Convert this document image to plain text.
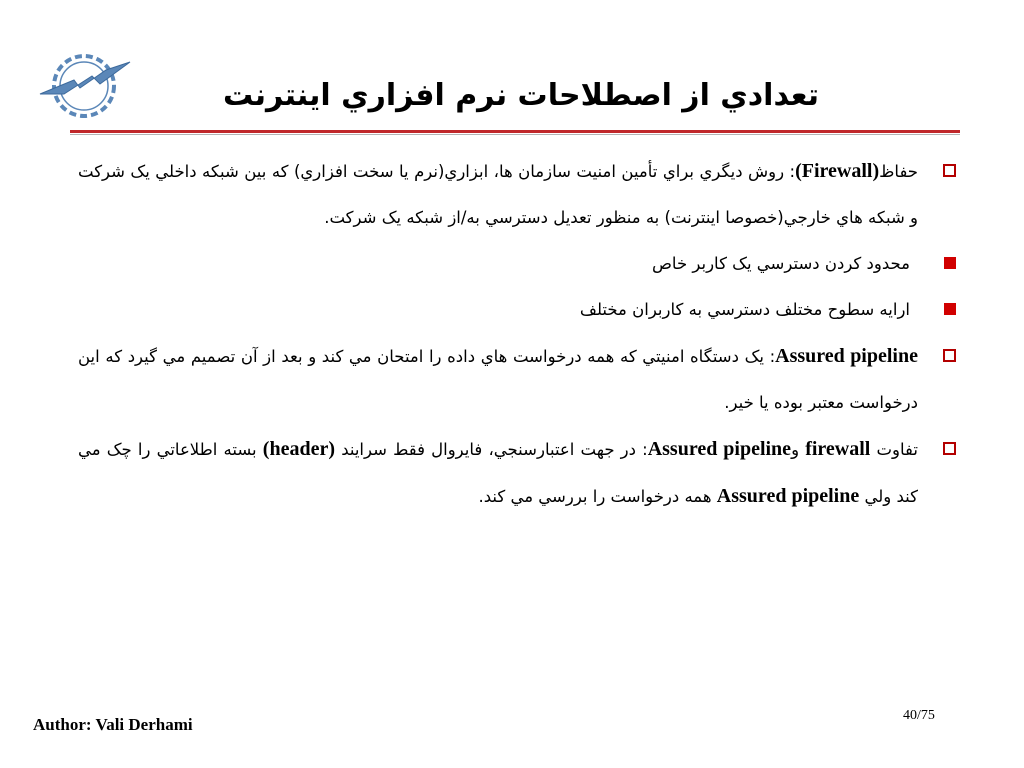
تعدادي از اصطلاحات نرم افزاري اينترنت

حفاظ(Firewall): روش ديگري براي تأمين امنيت سازمان ها، ابزاري(نرم يا سخت افزاري) كه بين شبكه داخلي يک شركت و شبكه هاي خارجي(خصوصا اينترنت) به منظور تعديل دسترسي به/از شبكه يک شركت.

محدود كردن دسترسي يک كاربر خاص

ارايه سطوح مختلف دسترسي به كاربران مختلف

Assured pipeline: يک دستگاه امنيتي كه همه درخواست هاي داده را امتحان مي كند و بعد از آن تصميم مي گيرد كه اين درخواست معتبر بوده يا خير.

تفاوت firewall وAssured pipeline: در جهت اعتبارسنجي، فايروال فقط سرايند (header) بسته اطلاعاتي را چک مي كند ولي Assured pipeline همه درخواست را بررسي مي كند.

Author: Vali Derhami	40/75
